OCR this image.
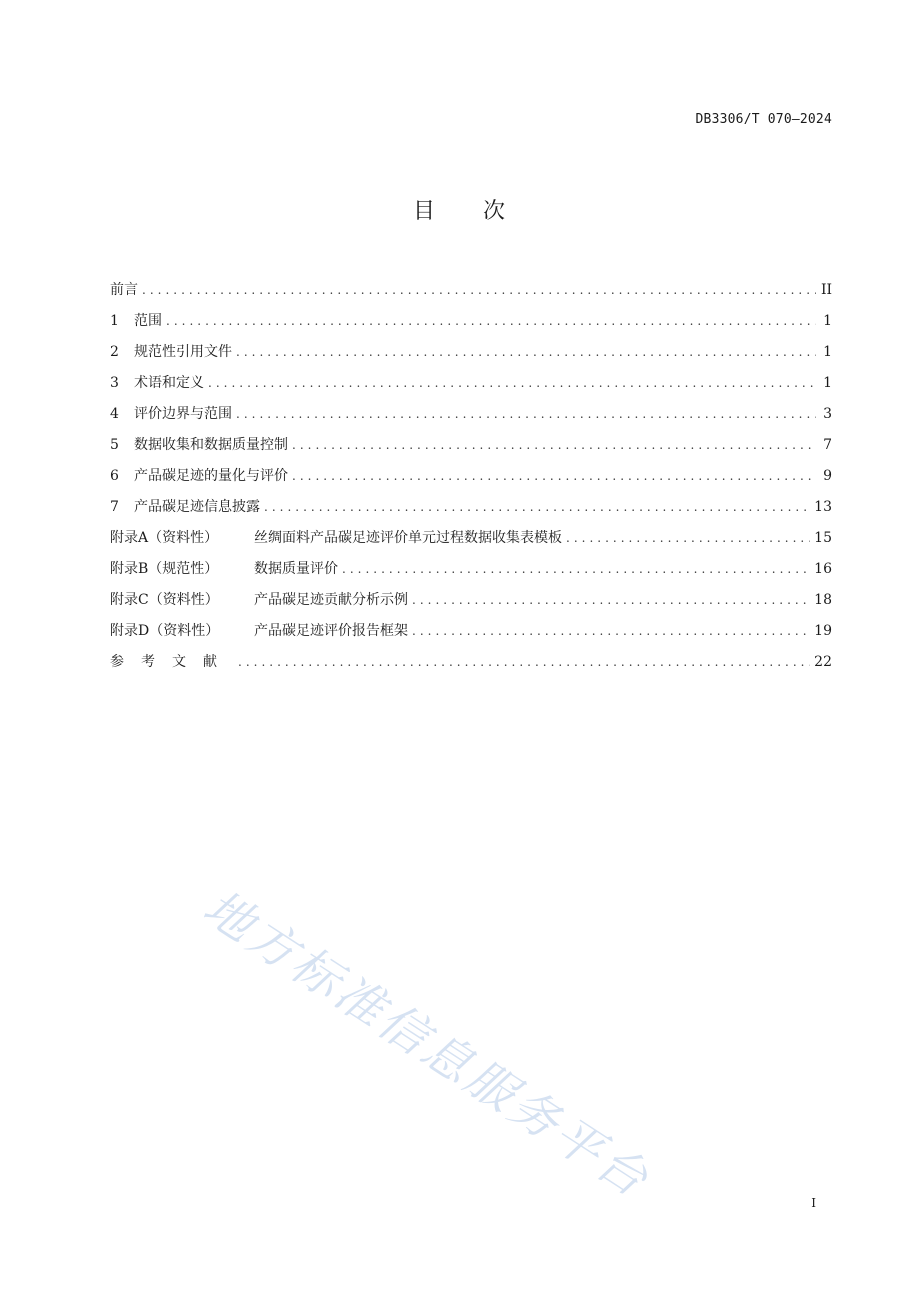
DB3306/T 070—2024
目 次
前言 .....	II
1	范围 .....	1
2	规范性引用文件 .....	1
3	术语和定义 .....	1
4	评价边界与范围 .....	3
5	数据收集和数据质量控制 .....	7
6	产品碳足迹的量化与评价 .....	9
7	产品碳足迹信息披露 .....	13
附录A（资料性）	丝绸面料产品碳足迹评价单元过程数据收集表模板 .....	15
附录B（规范性）	数据质量评价 .....	16
附录C（资料性）	产品碳足迹贡献分析示例 .....	18
附录D（资料性）	产品碳足迹评价报告框架 .....	19
参考文献 .....	22
地方标准信息服务平台	I
